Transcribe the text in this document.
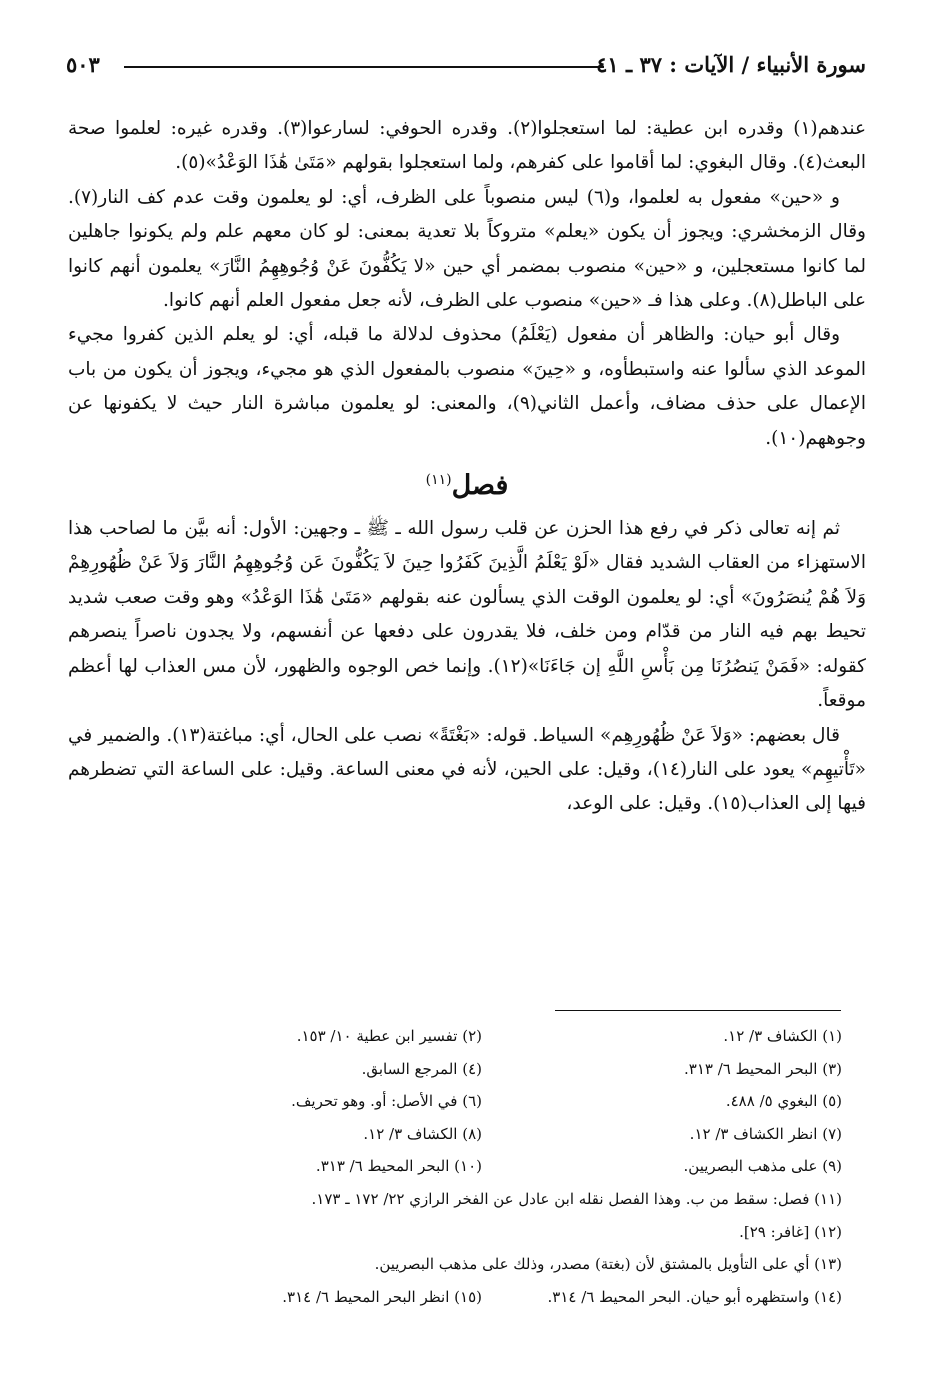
سورة الأنبياء / الآيات : ٣٧ ـ ٤١
٥٠٣

عندهم(١) وقدره ابن عطية: لما استعجلوا(٢). وقدره الحوفي: لسارعوا(٣). وقدره غيره: لعلموا صحة البعث(٤). وقال البغوي: لما أقاموا على كفرهم، ولما استعجلوا بقولهم «مَتَىٰ هَٰذَا الوَعْدُ»(٥).

و «حين» مفعول به لعلموا، و(٦) ليس منصوباً على الظرف، أي: لو يعلمون وقت عدم كف النار(٧). وقال الزمخشري: ويجوز أن يكون «يعلم» متروكاً بلا تعدية بمعنى: لو كان معهم علم ولم يكونوا جاهلين لما كانوا مستعجلين، و «حين» منصوب بمضمر أي حين «لا يَكُفُّونَ عَنْ وُجُوهِهِمُ النَّارَ» يعلمون أنهم كانوا على الباطل(٨). وعلى هذا فـ «حين» منصوب على الظرف، لأنه جعل مفعول العلم أنهم كانوا.

وقال أبو حيان: والظاهر أن مفعول (يَعْلَمُ) محذوف لدلالة ما قبله، أي: لو يعلم الذين كفروا مجيء الموعد الذي سألوا عنه واستبطأوه، و «حِينَ» منصوب بالمفعول الذي هو مجيء، ويجوز أن يكون من باب الإعمال على حذف مضاف، وأعمل الثاني(٩)، والمعنى: لو يعلمون مباشرة النار حيث لا يكفونها عن وجوههم(١٠).

فصل$^{(١١)}$

ثم إنه تعالى ذكر في رفع هذا الحزن عن قلب رسول الله ـ ﷺ ـ وجهين: الأول: أنه بيَّن ما لصاحب هذا الاستهزاء من العقاب الشديد فقال «لَوْ يَعْلَمُ الَّذِينَ كَفَرُوا حِينَ لاَ يَكُفُّونَ عَن وُجُوهِهِمُ النَّارَ وَلاَ عَنْ ظُهُورِهِمْ وَلاَ هُمْ يُنصَرُونَ» أي: لو يعلمون الوقت الذي يسألون عنه بقولهم «مَتَىٰ هَٰذَا الوَعْدُ» وهو وقت صعب شديد تحيط بهم فيه النار من قدّام ومن خلف، فلا يقدرون على دفعها عن أنفسهم، ولا يجدون ناصراً ينصرهم كقوله: «فَمَنْ يَنصُرُنَا مِن بَأْسِ اللَّهِ إن جَاءَنَا»(١٢). وإنما خص الوجوه والظهور، لأن مس العذاب لها أعظم موقعاً.

قال بعضهم: «وَلاَ عَنْ ظُهُورِهِم» السياط. قوله: «بَغْتَةً» نصب على الحال، أي: مباغتة(١٣). والضمير في «تَأْتيهِم» يعود على النار(١٤)، وقيل: على الحين، لأنه في معنى الساعة. وقيل: على الساعة التي تضطرهم فيها إلى العذاب(١٥). وقيل: على الوعد،

(١) الكشاف ٣/ ١٢.
(٢) تفسير ابن عطية ١٠/ ١٥٣.
(٣) البحر المحيط ٦/ ٣١٣.
(٤) المرجع السابق.
(٥) البغوي ٥/ ٤٨٨.
(٦) في الأصل: أو. وهو تحريف.
(٧) انظر الكشاف ٣/ ١٢.
(٨) الكشاف ٣/ ١٢.
(٩) على مذهب البصريين.
(١٠) البحر المحيط ٦/ ٣١٣.
(١١) فصل: سقط من ب. وهذا الفصل نقله ابن عادل عن الفخر الرازي ٢٢/ ١٧٢ ـ ١٧٣.
(١٢) [غافر: ٢٩].
(١٣) أي على التأويل بالمشتق لأن (بغتة) مصدر، وذلك على مذهب البصريين.
(١٤) واستظهره أبو حيان. البحر المحيط ٦/ ٣١٤.
(١٥) انظر البحر المحيط ٦/ ٣١٤.
